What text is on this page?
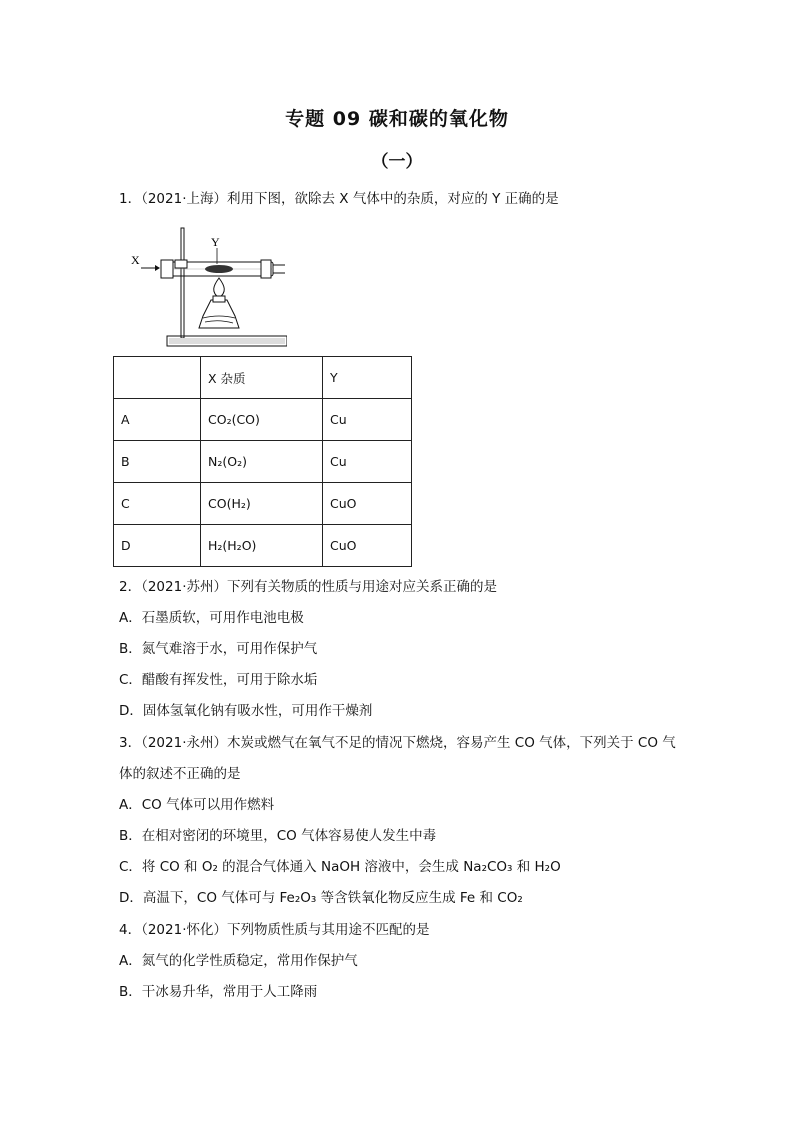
专题 09 碳和碳的氧化物
（一）
1．（2021·上海）利用下图，欲除去 X 气体中的杂质，对应的 Y 正确的是
X
Y
	X 杂质	Y
A	CO₂(CO)	Cu
B	N₂(O₂)	Cu
C	CO(H₂)	CuO
D	H₂(H₂O)	CuO
2．（2021·苏州）下列有关物质的性质与用途对应关系正确的是
A．石墨质软，可用作电池电极
B．氮气难溶于水，可用作保护气
C．醋酸有挥发性，可用于除水垢
D．固体氢氧化钠有吸水性，可用作干燥剂
3．（2021·永州）木炭或燃气在氧气不足的情况下燃烧，容易产生 CO 气体，下列关于 CO 气
体的叙述不正确的是
A．CO 气体可以用作燃料
B．在相对密闭的环境里，CO 气体容易使人发生中毒
C．将 CO 和 O₂ 的混合气体通入 NaOH 溶液中，会生成 Na₂CO₃ 和 H₂O
D．高温下，CO 气体可与 Fe₂O₃ 等含铁氧化物反应生成 Fe 和 CO₂
4．（2021·怀化）下列物质性质与其用途不匹配的是
A．氮气的化学性质稳定，常用作保护气
B．干冰易升华，常用于人工降雨
